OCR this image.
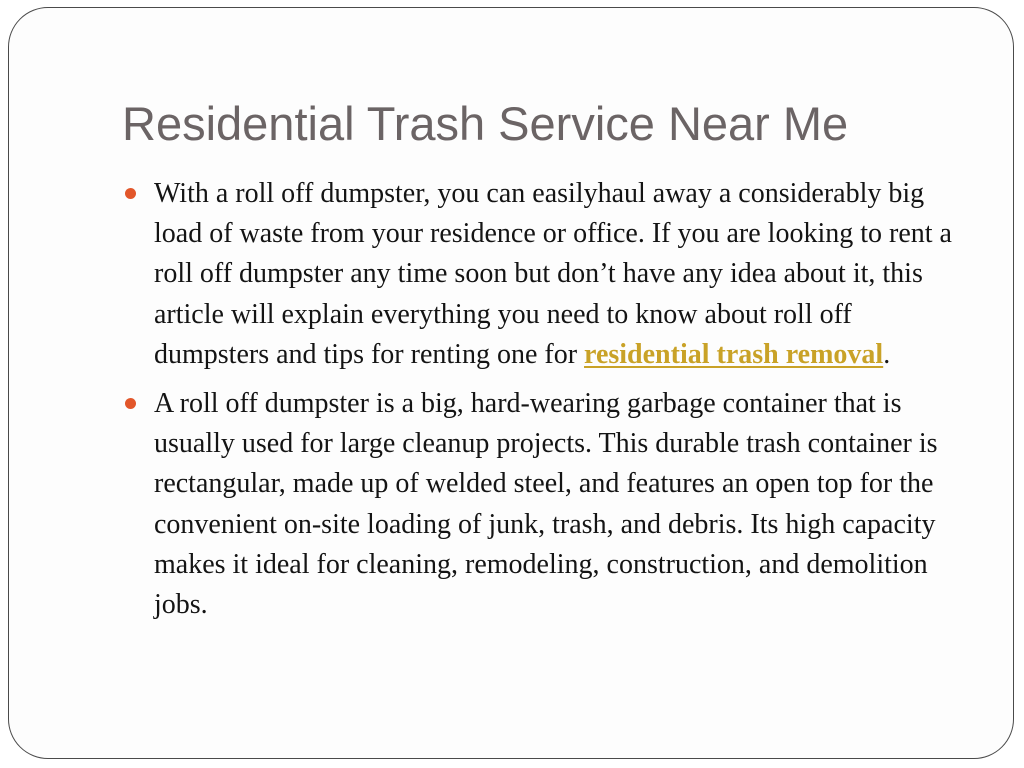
Residential Trash Service Near Me
With a roll off dumpster, you can easilyhaul away a considerably big load of waste from your residence or office. If you are looking to rent a roll off dumpster any time soon but don’t have any idea about it, this article will explain everything you need to know about roll off dumpsters and tips for renting one for residential trash removal.
A roll off dumpster is a big, hard-wearing garbage container that is usually used for large cleanup projects. This durable trash container is rectangular, made up of welded steel, and features an open top for the convenient on-site loading of junk, trash, and debris. Its high capacity makes it ideal for cleaning, remodeling, construction, and demolition jobs.
